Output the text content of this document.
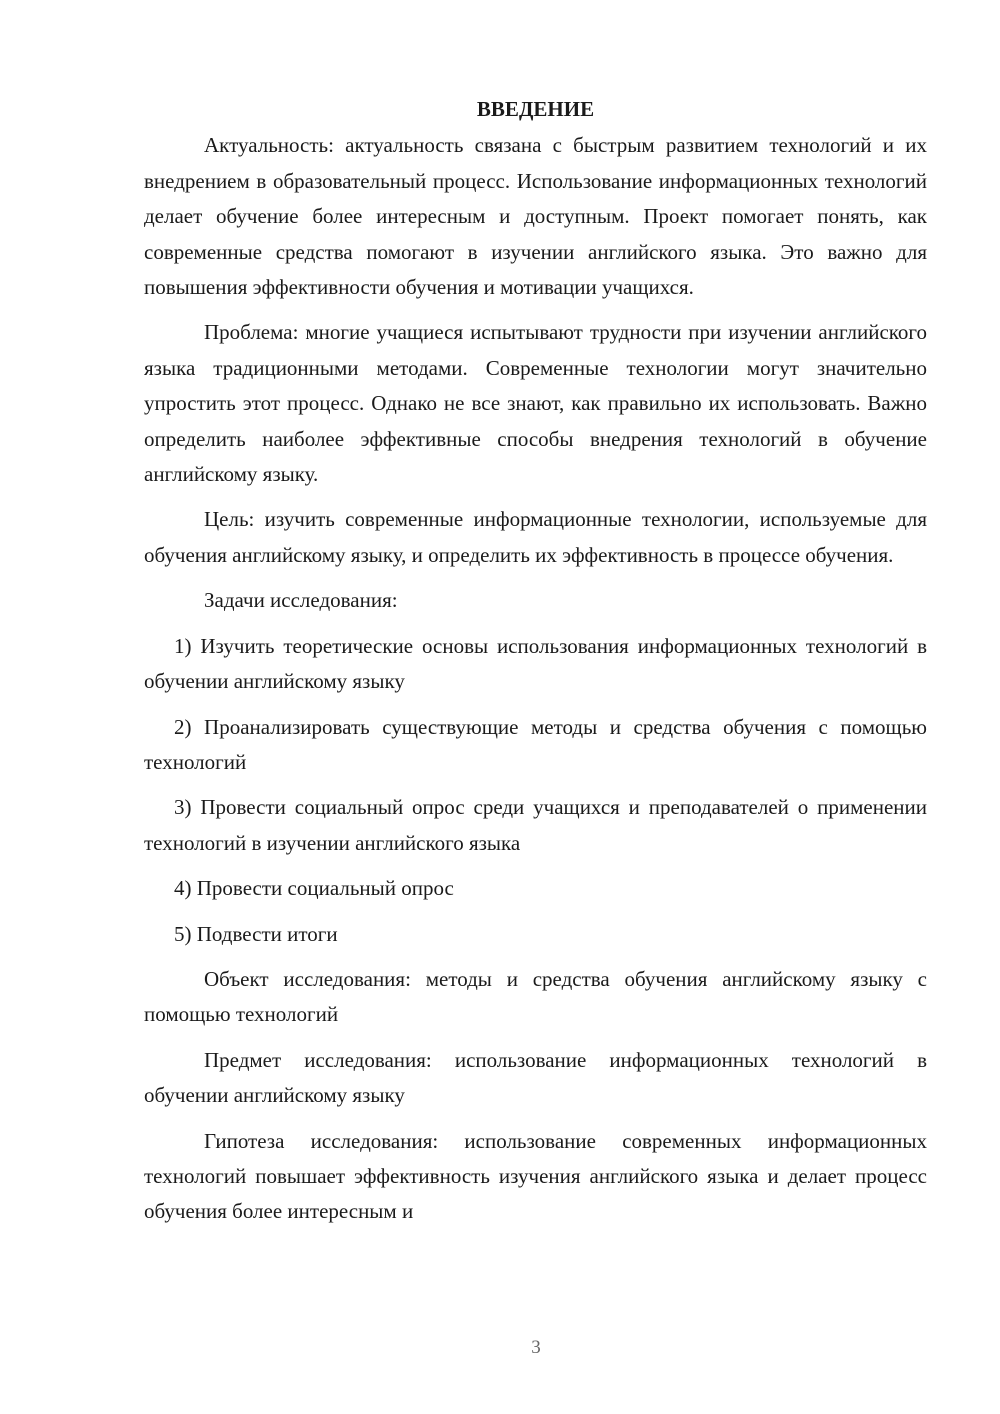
ВВЕДЕНИЕ

Актуальность: актуальность связана с быстрым развитием технологий и их внедрением в образовательный процесс. Использование информационных технологий делает обучение более интересным и доступным. Проект помогает понять, как современные средства помогают в изучении английского языка. Это важно для повышения эффективности обучения и мотивации учащихся.

Проблема: многие учащиеся испытывают трудности при изучении английского языка традиционными методами. Современные технологии могут значительно упростить этот процесс. Однако не все знают, как правильно их использовать. Важно определить наиболее эффективные способы внедрения технологий в обучение английскому языку.

Цель: изучить современные информационные технологии, используемые для обучения английскому языку, и определить их эффективность в процессе обучения.

Задачи исследования:

1) Изучить теоретические основы использования информационных технологий в обучении английскому языку

2) Проанализировать существующие методы и средства обучения с помощью технологий

3) Провести социальный опрос среди учащихся и преподавателей о применении технологий в изучении английского языка

4) Провести социальный опрос

5) Подвести итоги

Объект исследования: методы и средства обучения английскому языку с помощью технологий

Предмет исследования: использование информационных технологий в обучении английскому языку

Гипотеза исследования: использование современных информационных технологий повышает эффективность изучения английского языка и делает процесс обучения более интересным и

3
